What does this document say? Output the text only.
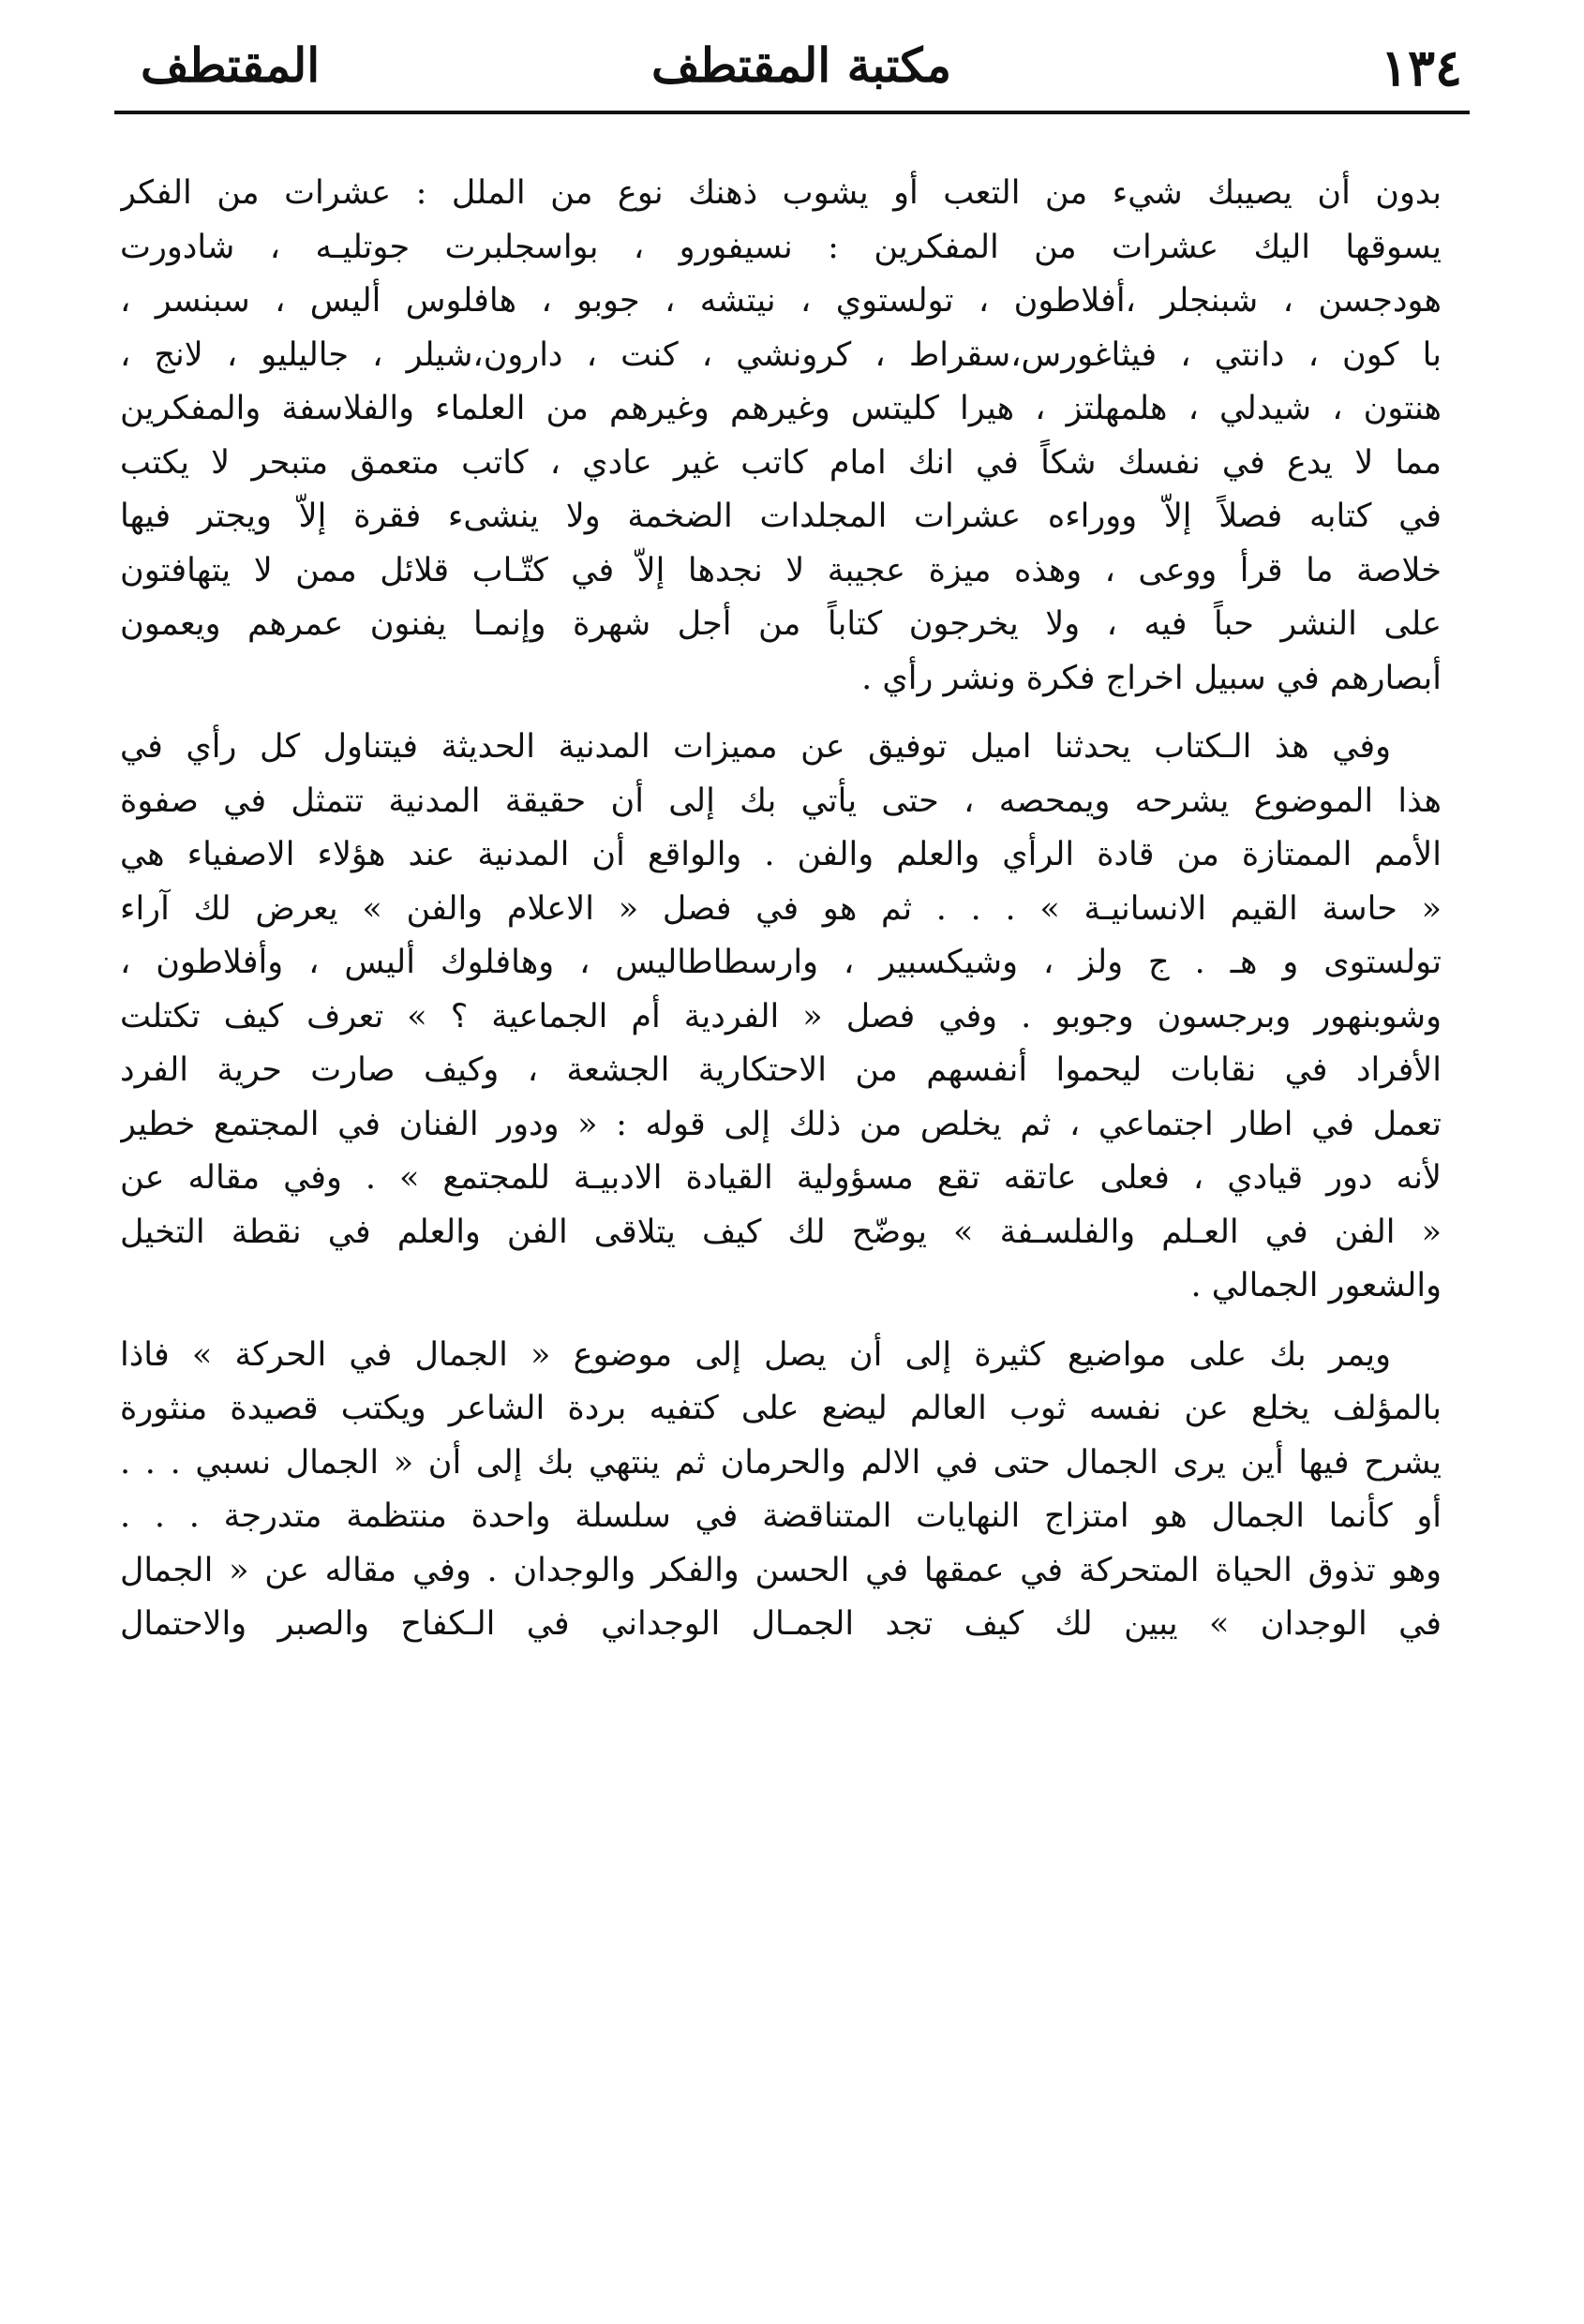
١٣٤
مكتبة المقتطف
المقتطف
بدون أن يصيبك شيء من التعب أو يشوب ذهنك نوع من الملل : عشرات من الفكر
يسوقها اليك عشرات من المفكرين : نسيفورو ، بواسجلبرت جوتليـه ، شادورت
هودجسن ، شبنجلر ،أفلاطون ، تولستوي ، نيتشه ، جوبو ، هافلوس أليس ، سبنسر ،
با كون ، دانتي ، فيثاغورس،سقراط ، كرونشي ، كنت ، دارون،شيلر ، جاليليو ، لانج ،
هنتون ، شيدلي ، هلمهلتز ، هيرا كليتس وغيرهم وغيرهم من العلماء والفلاسفة والمفكرين
مما لا يدع في نفسك شكاً في انك امام كاتب غير عادي ، كاتب متعمق متبحر لا يكتب
في كتابه فصلاً إلاّ ووراءه عشرات المجلدات الضخمة ولا ينشىء فقرة إلاّ ويجتر فيها
خلاصة ما قرأ ووعى ، وهذه ميزة عجيبة لا نجدها إلاّ في كتّـاب قلائل ممن لا يتهافتون
على النشر حباً فيه ، ولا يخرجون كتاباً من أجل شهرة وإنمـا يفنون عمرهم ويعمون
أبصارهم في سبيل اخراج فكرة ونشر رأي .
وفي هذ الـكتاب يحدثنا اميل توفيق عن مميزات المدنية الحديثة فيتناول كل رأي في
هذا الموضوع يشرحه ويمحصه ، حتى يأتي بك إلى أن حقيقة المدنية تتمثل في صفوة
الأمم الممتازة من قادة الرأي والعلم والفن . والواقع أن المدنية عند هؤلاء الاصفياء هي
« حاسة القيم الانسانيـة » . . . ثم هو في فصل « الاعلام والفن » يعرض لك آراء
تولستوى و هـ . ج ولز ، وشيكسبير ، وارسطاطاليس ، وهافلوك أليس ، وأفلاطون ،
وشوبنهور وبرجسون وجوبو . وفي فصل « الفردية أم الجماعية ؟ » تعرف كيف تكتلت
الأفراد في نقابات ليحموا أنفسهم من الاحتكارية الجشعة ، وكيف صارت حرية الفرد
تعمل في اطار اجتماعي ، ثم يخلص من ذلك إلى قوله : « ودور الفنان في المجتمع خطير
لأنه دور قيادي ، فعلى عاتقه تقع مسؤولية القيادة الادبيـة للمجتمع » . وفي مقاله عن
« الفن في العـلم والفلسـفة » يوضّح لك كيف يتلاقى الفن والعلم في نقطة التخيل
والشعور الجمالي .
ويمر بك على مواضيع كثيرة إلى أن يصل إلى موضوع « الجمال في الحركة » فاذا
بالمؤلف يخلع عن نفسه ثوب العالم ليضع على كتفيه بردة الشاعر ويكتب قصيدة منثورة
يشرح فيها أين يرى الجمال حتى في الالم والحرمان ثم ينتهي بك إلى أن « الجمال نسبي . . .
أو كأنما الجمال هو امتزاج النهايات المتناقضة في سلسلة واحدة منتظمة متدرجة . . .
وهو تذوق الحياة المتحركة في عمقها في الحسن والفكر والوجدان . وفي مقاله عن « الجمال
في الوجدان » يبين لك كيف تجد الجمـال الوجداني في الـكفاح والصبر والاحتمال
